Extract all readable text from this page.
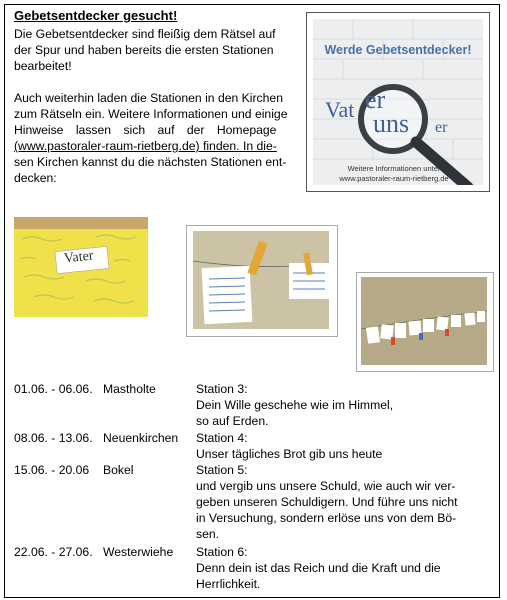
Gebetsentdecker gesucht!
Die Gebetsentdecker sind fleißig dem Rätsel auf
der Spur und haben bereits die ersten Stationen
bearbeitet!
Auch weiterhin laden die Stationen in den Kirchen
zum Rätseln ein. Weitere Informationen und einige
Hinweise lassen sich auf der Homepage
(www.pastoraler-raum-rietberg.de) finden. In die-
sen Kirchen kannst du die nächsten Stationen ent-
decken:
Werde Gebetsentdecker!
Vat er
uns er
Weitere Informationen unter
www.pastoraler-raum-rietberg.de
Vater
01.06. - 06.06. Mastholte	Station 3:
Dein Wille geschehe wie im Himmel,
so auf Erden.
08.06. - 13.06. Neuenkirchen Station 4:
Unser tägliches Brot gib uns heute
15.06. - 20.06 Bokel	Station 5:
und vergib uns unsere Schuld, wie auch wir ver-
geben unseren Schuldigern. Und führe uns nicht
in Versuchung, sondern erlöse uns von dem Bö-
sen.
22.06. - 27.06. Westerwiehe Station 6:
Denn dein ist das Reich und die Kraft und die
Herrlichkeit.
